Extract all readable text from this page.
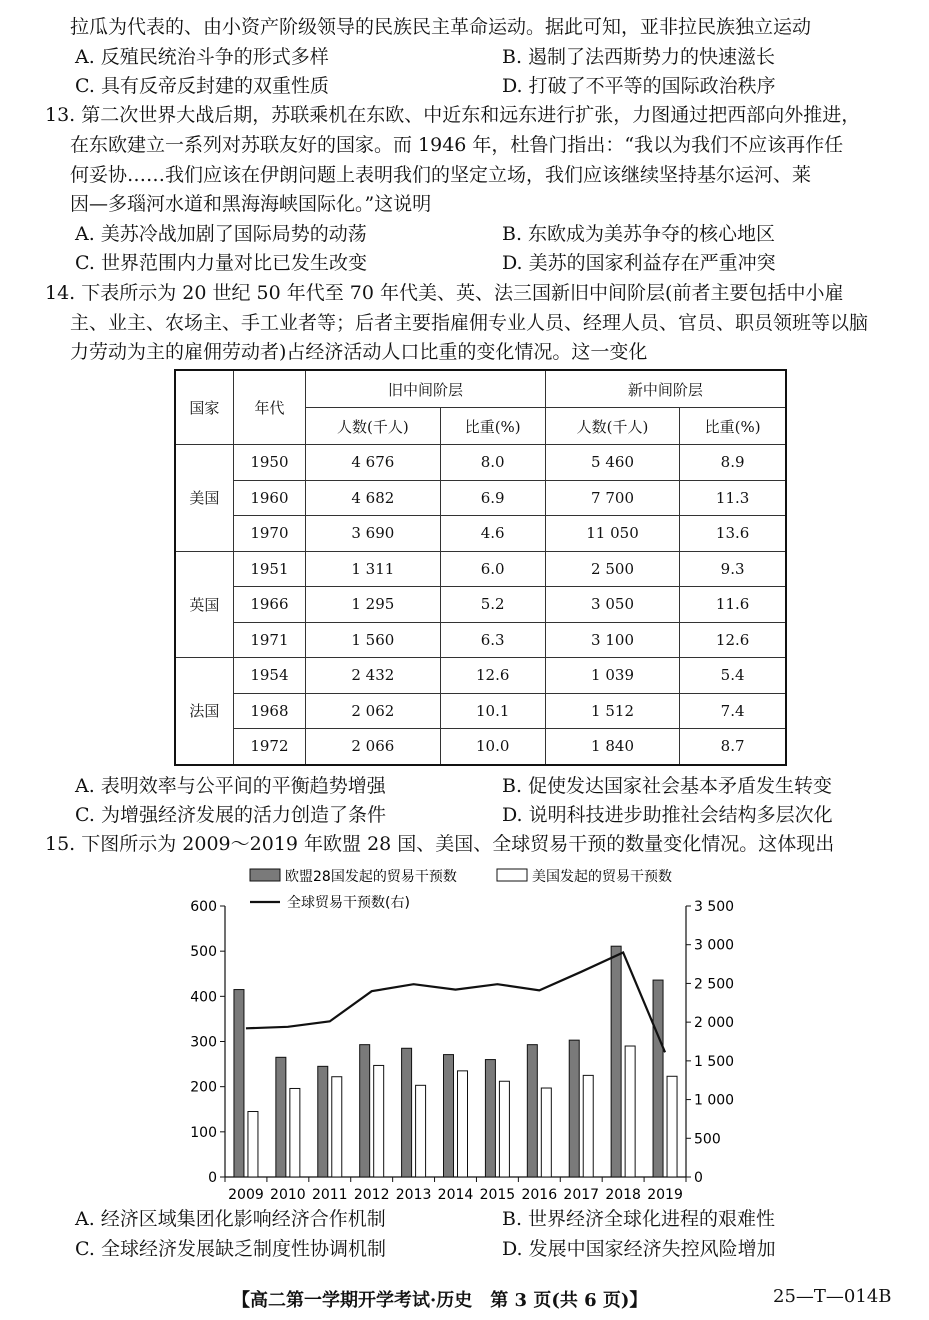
拉瓜为代表的、由小资产阶级领导的民族民主革命运动。据此可知，亚非拉民族独立运动
A. 反殖民统治斗争的形式多样	B. 遏制了法西斯势力的快速滋长
C. 具有反帝反封建的双重性质	D. 打破了不平等的国际政治秩序
13. 第二次世界大战后期，苏联乘机在东欧、中近东和远东进行扩张，力图通过把西部向外推进，
在东欧建立一系列对苏联友好的国家。而 1946 年，杜鲁门指出：“我以为我们不应该再作任
何妥协……我们应该在伊朗问题上表明我们的坚定立场，我们应该继续坚持基尔运河、莱
因—多瑙河水道和黑海海峡国际化。”这说明
A. 美苏冷战加剧了国际局势的动荡	B. 东欧成为美苏争夺的核心地区
C. 世界范围内力量对比已发生改变	D. 美苏的国家利益存在严重冲突
14. 下表所示为 20 世纪 50 年代至 70 年代美、英、法三国新旧中间阶层(前者主要包括中小雇
主、业主、农场主、手工业者等；后者主要指雇佣专业人员、经理人员、官员、职员领班等以脑
力劳动为主的雇佣劳动者)占经济活动人口比重的变化情况。这一变化
国家	年代	旧中间阶层		新中间阶层	
		人数(千人)	比重(%)	人数(千人)	比重(%)
美国	1950	4 676	8.0	5 460	8.9
	1960	4 682	6.9	7 700	11.3
	1970	3 690	4.6	11 050	13.6
英国	1951	1 311	6.0	2 500	9.3
	1966	1 295	5.2	3 050	11.6
	1971	1 560	6.3	3 100	12.6
法国	1954	2 432	12.6	1 039	5.4
	1968	2 062	10.1	1 512	7.4
	1972	2 066	10.0	1 840	8.7
A. 表明效率与公平间的平衡趋势增强	B. 促使发达国家社会基本矛盾发生转变
C. 为增强经济发展的活力创造了条件	D. 说明科技进步助推社会结构多层次化
15. 下图所示为 2009～2019 年欧盟 28 国、美国、全球贸易干预的数量变化情况。这体现出
0
100
200
300
400
500
600
0
500
1 000
1 500
2 000
2 500
3 000
3 500
2009 2010 2011 2012 2013 2014 2015 2016 2017 2018 2019
欧盟28国发起的贸易干预数	美国发起的贸易干预数
全球贸易干预数(右)
A. 经济区域集团化影响经济合作机制	B. 世界经济全球化进程的艰难性
C. 全球经济发展缺乏制度性协调机制	D. 发展中国家经济失控风险增加
【高二第一学期开学考试·历史　第 3 页(共 6 页)】	25—T—014B
